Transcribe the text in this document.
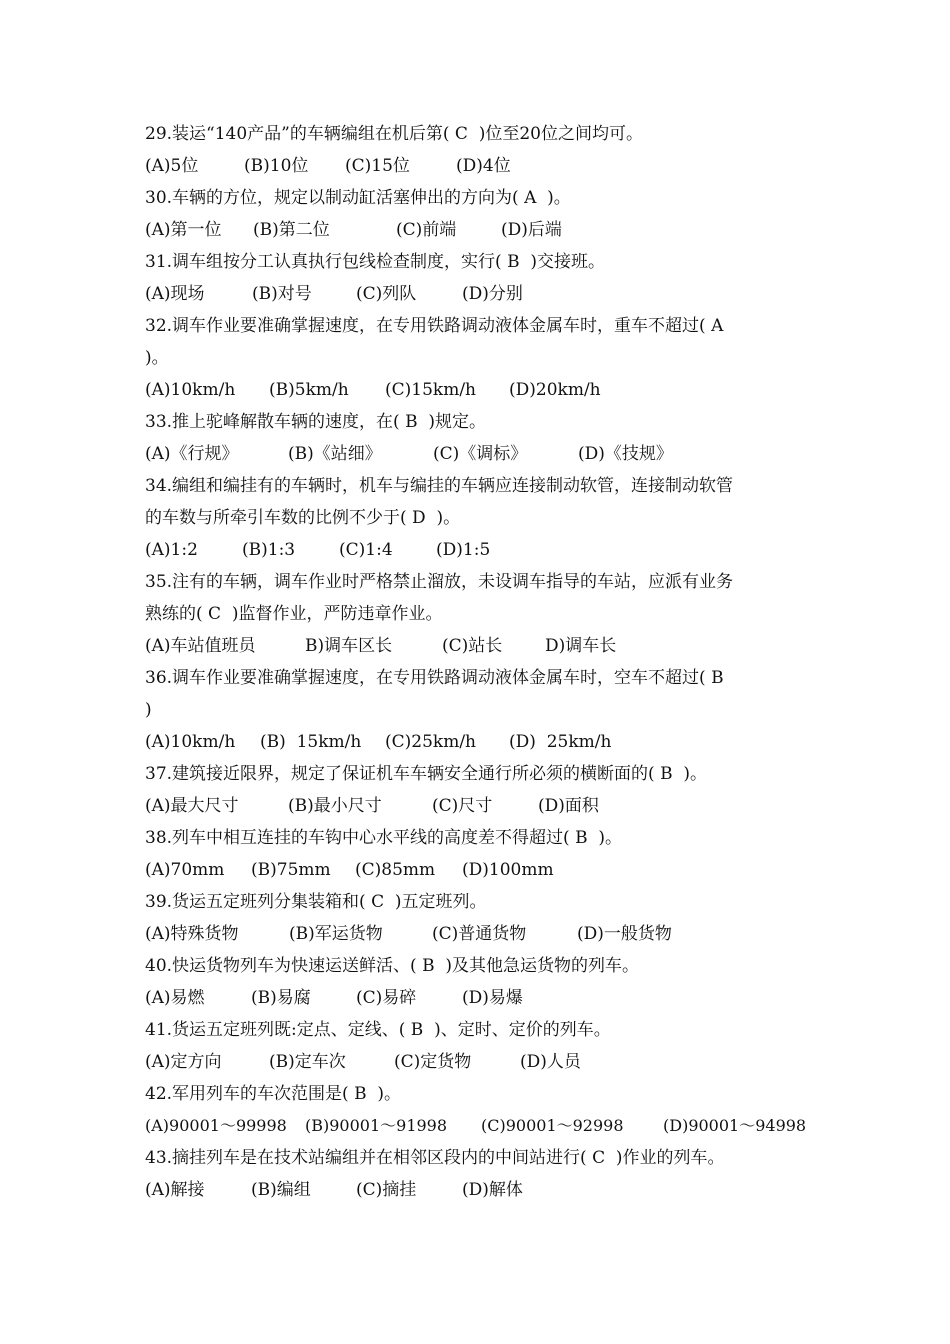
29.装运“140产品”的车辆编组在机后第( C  )位至20位之间均可。
(A)5位	(B)10位	(C)15位	(D)4位
30.车辆的方位，规定以制动缸活塞伸出的方向为( A  )。
(A)第一位	(B)第二位	(C)前端	(D)后端
31.调车组按分工认真执行包线检查制度，实行( B  )交接班。
(A)现场	(B)对号	(C)列队	(D)分别
32.调车作业要准确掌握速度，在专用铁路调动液体金属车时，重车不超过( A
)。
(A)10km/h	(B)5km/h	(C)15km/h	(D)20km/h
33.推上驼峰解散车辆的速度，在( B  )规定。
(A)《行规》	(B)《站细》	(C)《调标》	(D)《技规》
34.编组和编挂有的车辆时，机车与编挂的车辆应连接制动软管，连接制动软管
的车数与所牵引车数的比例不少于( D  )。
(A)1:2	(B)1:3	(C)1:4	(D)1:5
35.注有的车辆，调车作业时严格禁止溜放，未设调车指导的车站，应派有业务
熟练的( C  )监督作业，严防违章作业。
(A)车站值班员	B)调车区长	(C)站长	D)调车长
36.调车作业要准确掌握速度，在专用铁路调动液体金属车时，空车不超过( B
)
(A)10km/h	(B)  15km/h	(C)25km/h	(D)  25km/h
37.建筑接近限界，规定了保证机车车辆安全通行所必须的横断面的( B  )。
(A)最大尺寸	(B)最小尺寸	(C)尺寸	(D)面积
38.列车中相互连挂的车钩中心水平线的高度差不得超过( B  )。
(A)70mm	(B)75mm	(C)85mm	(D)100mm
39.货运五定班列分集装箱和( C  )五定班列。
(A)特殊货物	(B)军运货物	(C)普通货物	(D)一般货物
40.快运货物列车为快速运送鲜活、( B  )及其他急运货物的列车。
(A)易燃	(B)易腐	(C)易碎	(D)易爆
41.货运五定班列既:定点、定线、( B  )、定时、定价的列车。
(A)定方向	(B)定车次	(C)定货物	(D)人员
42.军用列车的车次范围是( B  )。
(A)90001～99998	(B)90001～91998	(C)90001～92998	(D)90001～94998
43.摘挂列车是在技术站编组并在相邻区段内的中间站进行( C  )作业的列车。
(A)解接	(B)编组	(C)摘挂	(D)解体
